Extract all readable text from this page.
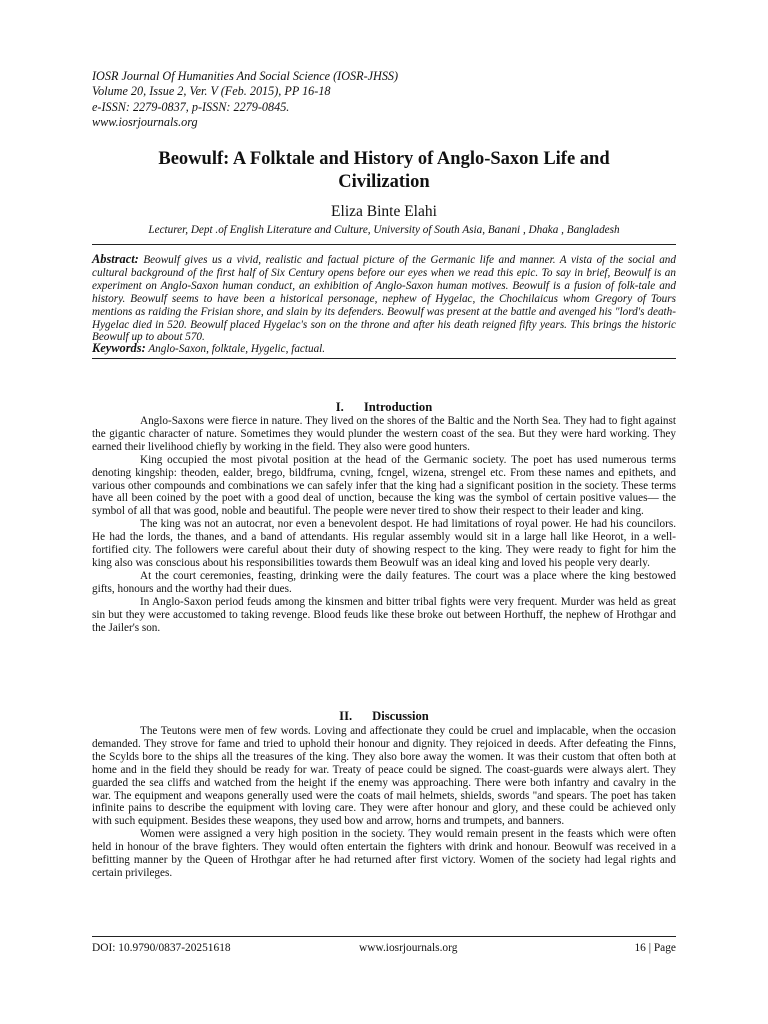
IOSR Journal Of Humanities And Social Science (IOSR-JHSS)
Volume 20, Issue 2, Ver. V (Feb. 2015), PP 16-18
e-ISSN: 2279-0837, p-ISSN: 2279-0845.
www.iosrjournals.org
Beowulf: A Folktale and History of Anglo-Saxon Life and
Civilization
Eliza Binte Elahi
Lecturer, Dept .of English Literature and Culture, University of South Asia, Banani , Dhaka , Bangladesh
Abstract: Beowulf gives us a vivid, realistic and factual picture of the Germanic life and manner. A vista of the social and cultural background of the first half of Six Century opens before our eyes when we read this epic. To say in brief, Beowulf is an experiment on Anglo-Saxon human conduct, an exhibition of Anglo-Saxon human motives. Beowulf is a fusion of folk-tale and history. Beowulf seems to have been a historical personage, nephew of Hygelac, the Chochilaicus whom Gregory of Tours mentions as raiding the Frisian shore, and slain by its defenders. Beowulf was present at the battle and avenged his "lord's death- Hygelac died in 520. Beowulf placed Hygelac's son on the throne and after his death reigned fifty years. This brings the historic Beowulf up to about 570.
Keywords: Anglo-Saxon, folktale, Hygelic, factual.
I. Introduction

Anglo-Saxons were fierce in nature. They lived on the shores of the Baltic and the North Sea. They had to fight against the gigantic character of nature. Sometimes they would plunder the western coast of the sea. But they were hard working. They earned their livelihood chiefly by working in the field. They also were good hunters.

King occupied the most pivotal position at the head of the Germanic society. The poet has used numerous terms denoting kingship: theoden, ealder, brego, bildfruma, cvning, fcngel, wizena, strengel etc. From these names and epithets, and various other compounds and combinations we can safely infer that the king had a significant position in the society. These terms have all been coined by the poet with a good deal of unction, because the king was the symbol of certain positive values— the symbol of all that was good, noble and beautiful. The people were never tired to show their respect to their leader and king.

The king was not an autocrat, nor even a benevolent despot. He had limitations of royal power. He had his councilors. He had the lords, the thanes, and a band of attendants. His regular assembly would sit in a large hall like Heorot, in a well-fortified city. The followers were careful about their duty of showing respect to the king. They were ready to fight for him the king also was conscious about his responsibilities towards them Beowulf was an ideal king and loved his people very dearly.

At the court ceremonies, feasting, drinking were the daily features. The court was a place where the king bestowed gifts, honours and the worthy had their dues.

In Anglo-Saxon period feuds among the kinsmen and bitter tribal fights were very frequent. Murder was held as great sin but they were accustomed to taking revenge. Blood feuds like these broke out between Horthuff, the nephew of Hrothgar and the Jailer's son.

II. Discussion

The Teutons were men of few words. Loving and affectionate they could be cruel and implacable, when the occasion demanded. They strove for fame and tried to uphold their honour and dignity. They rejoiced in deeds. After defeating the Finns, the Scylds bore to the ships all the treasures of the king. They also bore away the women. It was their custom that often both at home and in the field they should be ready for war. Treaty of peace could be signed. The coast-guards were always alert. They guarded the sea cliffs and watched from the height if the enemy was approaching. There were both infantry and cavalry in the war. The equipment and weapons generally used were the coats of mail helmets, shields, swords "and spears. The poet has taken infinite pains to describe the equipment with loving care. They were after honour and glory, and these could be achieved only with such equipment. Besides these weapons, they used bow and arrow, horns and trumpets, and banners.

Women were assigned a very high position in the society. They would remain present in the feasts which were often held in honour of the brave fighters. They would often entertain the fighters with drink and honour. Beowulf was received in a befitting manner by the Queen of Hrothgar after he had returned after first victory. Women of the society had legal rights and certain privileges.

DOI: 10.9790/0837-20251618	www.iosrjournals.org	16 | Page
